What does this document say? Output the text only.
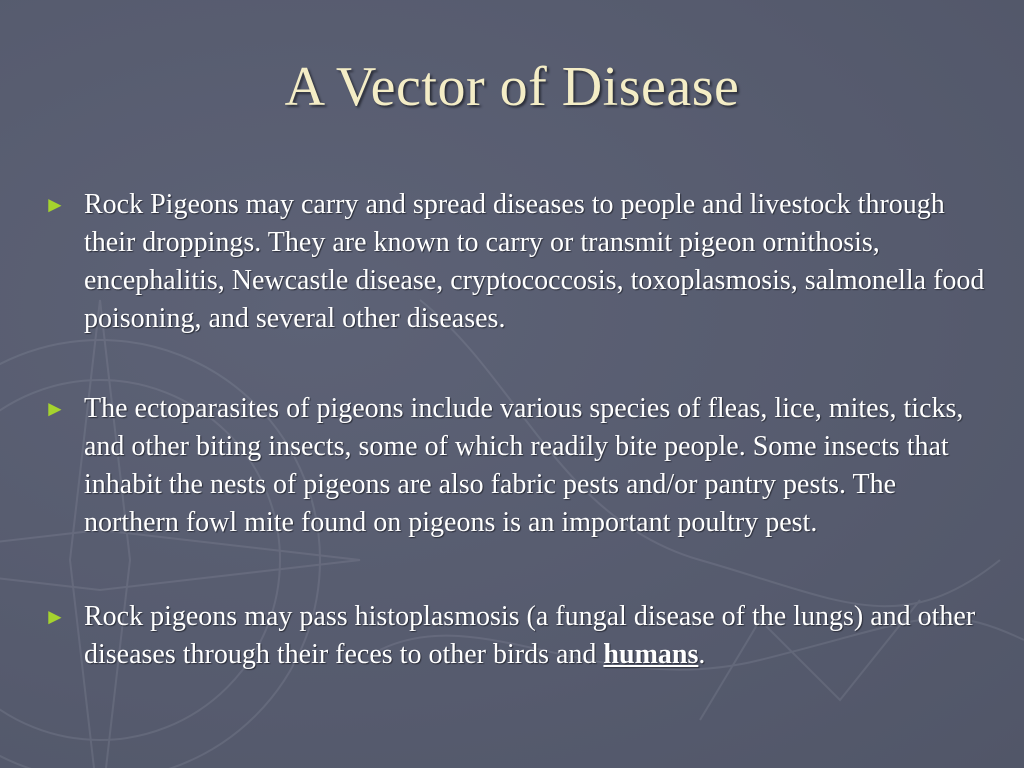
A Vector of Disease
► Rock Pigeons may carry and spread diseases to people and livestock through their droppings. They are known to carry or transmit pigeon ornithosis, encephalitis, Newcastle disease, cryptococcosis, toxoplasmosis, salmonella food poisoning, and several other diseases.
► The ectoparasites of pigeons include various species of fleas, lice, mites, ticks, and other biting insects, some of which readily bite people. Some insects that inhabit the nests of pigeons are also fabric pests and/or pantry pests. The northern fowl mite found on pigeons is an important poultry pest.
► Rock pigeons may pass histoplasmosis (a fungal disease of the lungs) and other diseases through their feces to other birds and humans.
